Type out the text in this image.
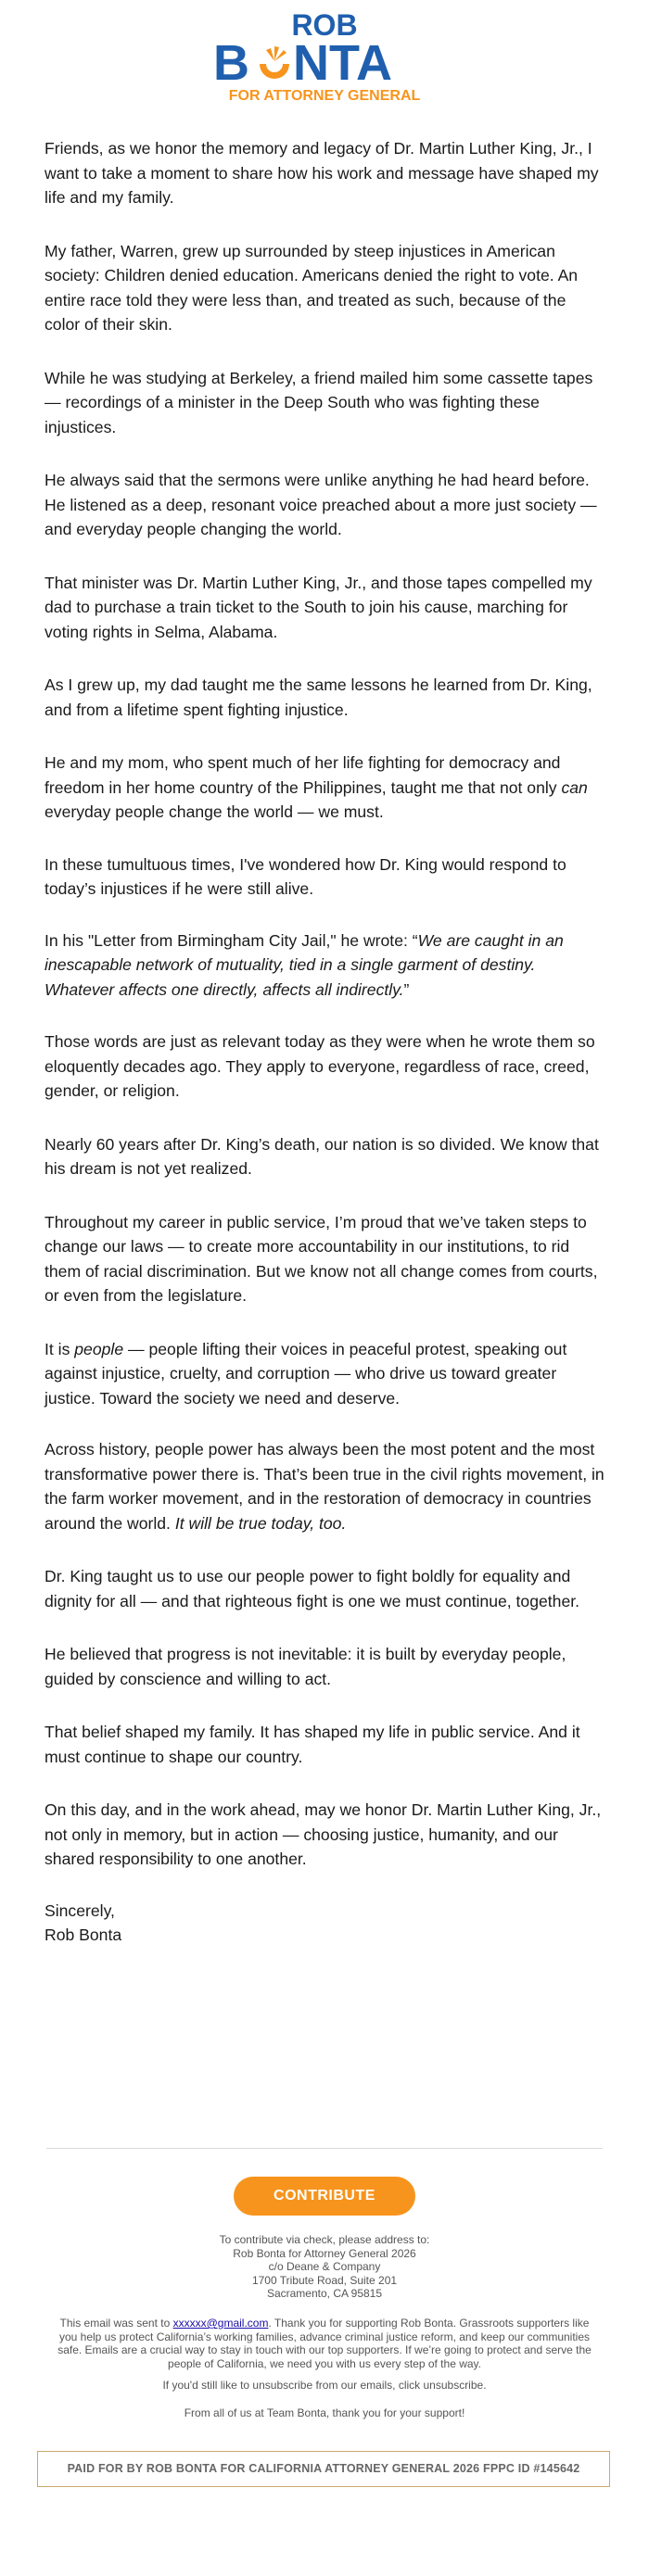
ROB
B NTA
FOR ATTORNEY GENERAL

Friends, as we honor the memory and legacy of Dr. Martin Luther King, Jr., I want to take a moment to share how his work and message have shaped my life and my family.

My father, Warren, grew up surrounded by steep injustices in American society: Children denied education. Americans denied the right to vote. An entire race told they were less than, and treated as such, because of the color of their skin.

While he was studying at Berkeley, a friend mailed him some cassette tapes — recordings of a minister in the Deep South who was fighting these injustices.

He always said that the sermons were unlike anything he had heard before. He listened as a deep, resonant voice preached about a more just society — and everyday people changing the world.

That minister was Dr. Martin Luther King, Jr., and those tapes compelled my dad to purchase a train ticket to the South to join his cause, marching for voting rights in Selma, Alabama.

As I grew up, my dad taught me the same lessons he learned from Dr. King, and from a lifetime spent fighting injustice.

He and my mom, who spent much of her life fighting for democracy and freedom in her home country of the Philippines, taught me that not only can everyday people change the world — we must.

In these tumultuous times, I've wondered how Dr. King would respond to today’s injustices if he were still alive.

In his "Letter from Birmingham City Jail," he wrote: “We are caught in an inescapable network of mutuality, tied in a single garment of destiny. Whatever affects one directly, affects all indirectly.”

Those words are just as relevant today as they were when he wrote them so eloquently decades ago. They apply to everyone, regardless of race, creed, gender, or religion.

Nearly 60 years after Dr. King’s death, our nation is so divided. We know that his dream is not yet realized.

Throughout my career in public service, I’m proud that we’ve taken steps to change our laws — to create more accountability in our institutions, to rid them of racial discrimination. But we know not all change comes from courts, or even from the legislature.

It is people — people lifting their voices in peaceful protest, speaking out against injustice, cruelty, and corruption — who drive us toward greater justice. Toward the society we need and deserve.

Across history, people power has always been the most potent and the most transformative power there is. That’s been true in the civil rights movement, in the farm worker movement, and in the restoration of democracy in countries around the world. It will be true today, too.

Dr. King taught us to use our people power to fight boldly for equality and dignity for all — and that righteous fight is one we must continue, together.

He believed that progress is not inevitable: it is built by everyday people, guided by conscience and willing to act.

That belief shaped my family. It has shaped my life in public service. And it must continue to shape our country.

On this day, and in the work ahead, may we honor Dr. Martin Luther King, Jr., not only in memory, but in action — choosing justice, humanity, and our shared responsibility to one another.

Sincerely,

Rob Bonta

CONTRIBUTE
To contribute via check, please address to:
Rob Bonta for Attorney General 2026
c/o Deane & Company
1700 Tribute Road, Suite 201
Sacramento, CA 95815
This email was sent to xxxxxx@gmail.com. Thank you for supporting Rob Bonta. Grassroots supporters like you help us protect California’s working families, advance criminal justice reform, and keep our communities safe. Emails are a crucial way to stay in touch with our top supporters. If we’re going to protect and serve the people of California, we need you with us every step of the way.
If you'd still like to unsubscribe from our emails, click unsubscribe.
From all of us at Team Bonta, thank you for your support!
PAID FOR BY ROB BONTA FOR CALIFORNIA ATTORNEY GENERAL 2026 FPPC ID #145642
